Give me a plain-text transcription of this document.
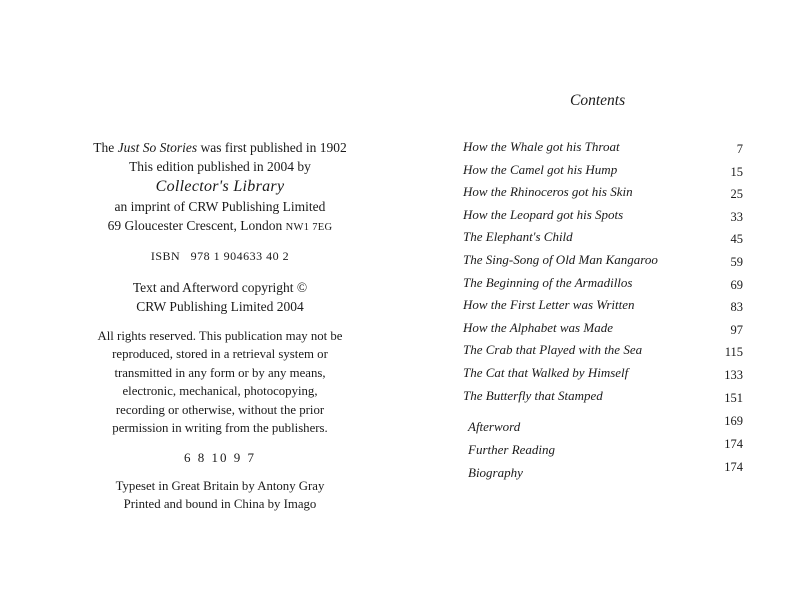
The Just So Stories was first published in 1902
This edition published in 2004 by
Collector's Library
an imprint of CRW Publishing Limited
69 Gloucester Crescent, London NW1 7EG
ISBN 978 1 904633 40 2
Text and Afterword copyright ©
CRW Publishing Limited 2004
All rights reserved. This publication may not be
reproduced, stored in a retrieval system or
transmitted in any form or by any means,
electronic, mechanical, photocopying,
recording or otherwise, without the prior
permission in writing from the publishers.
6 8 10 9 7
Typeset in Great Britain by Antony Gray
Printed and bound in China by Imago
Contents
How the Whale got his Throat	7
How the Camel got his Hump	15
How the Rhinoceros got his Skin	25
How the Leopard got his Spots	33
The Elephant's Child	45
The Sing-Song of Old Man Kangaroo	59
The Beginning of the Armadillos	69
How the First Letter was Written	83
How the Alphabet was Made	97
The Crab that Played with the Sea	115
The Cat that Walked by Himself	133
The Butterfly that Stamped	151
Afterword	169
Further Reading	174
Biography	174
